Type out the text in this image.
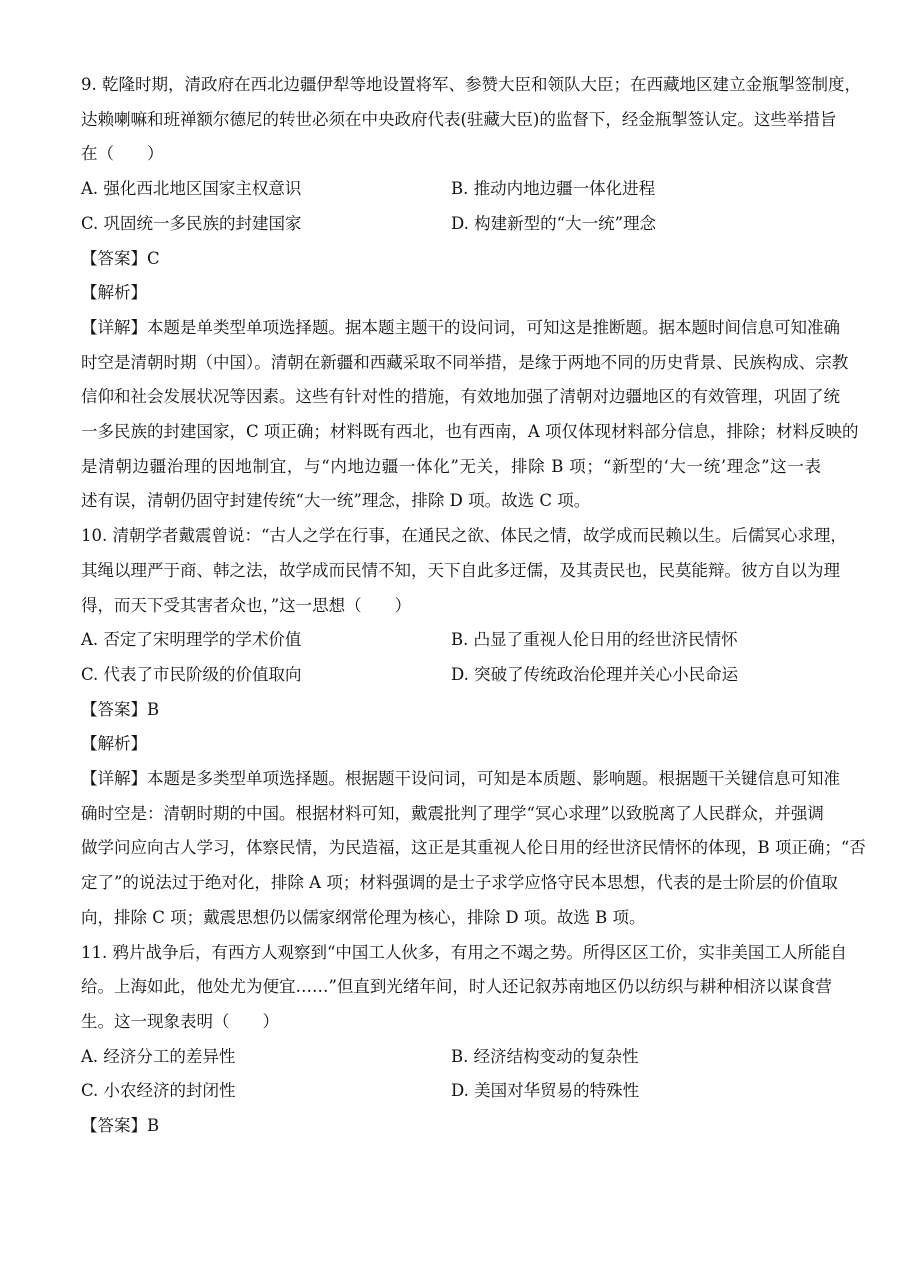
9. 乾隆时期，清政府在西北边疆伊犁等地设置将军、参赞大臣和领队大臣；在西藏地区建立金瓶掣签制度，
达赖喇嘛和班禅额尔德尼的转世必须在中央政府代表(驻藏大臣)的监督下，经金瓶掣签认定。这些举措旨
在（　　）
A. 强化西北地区国家主权意识	B. 推动内地边疆一体化进程
C. 巩固统一多民族的封建国家	D. 构建新型的“大一统”理念
【答案】C
【解析】
【详解】本题是单类型单项选择题。据本题主题干的设问词，可知这是推断题。据本题时间信息可知准确
时空是清朝时期（中国）。清朝在新疆和西藏采取不同举措，是缘于两地不同的历史背景、民族构成、宗教
信仰和社会发展状况等因素。这些有针对性的措施，有效地加强了清朝对边疆地区的有效管理，巩固了统
一多民族的封建国家，C 项正确；材料既有西北，也有西南，A 项仅体现材料部分信息，排除；材料反映的
是清朝边疆治理的因地制宜，与“内地边疆一体化”无关，排除 B 项；“新型的‘大一统’理念”这一表
述有误，清朝仍固守封建传统“大一统”理念，排除 D 项。故选 C 项。
10. 清朝学者戴震曾说：“古人之学在行事，在通民之欲、体民之情，故学成而民赖以生。后儒冥心求理，
其绳以理严于商、韩之法，故学成而民情不知，天下自此多迂儒，及其责民也，民莫能辩。彼方自以为理
得，而天下受其害者众也，”这一思想（　　）
A. 否定了宋明理学的学术价值	B. 凸显了重视人伦日用的经世济民情怀
C. 代表了市民阶级的价值取向	D. 突破了传统政治伦理并关心小民命运
【答案】B
【解析】
【详解】本题是多类型单项选择题。根据题干设问词，可知是本质题、影响题。根据题干关键信息可知准
确时空是：清朝时期的中国。根据材料可知，戴震批判了理学“冥心求理”以致脱离了人民群众，并强调
做学问应向古人学习，体察民情，为民造福，这正是其重视人伦日用的经世济民情怀的体现，B 项正确；“否
定了”的说法过于绝对化，排除 A 项；材料强调的是士子求学应恪守民本思想，代表的是士阶层的价值取
向，排除 C 项；戴震思想仍以儒家纲常伦理为核心，排除 D 项。故选 B 项。
11. 鸦片战争后，有西方人观察到“中国工人伙多，有用之不竭之势。所得区区工价，实非美国工人所能自
给。上海如此，他处尤为便宜……”但直到光绪年间，时人还记叙苏南地区仍以纺织与耕种相济以谋食营
生。这一现象表明（　　）
A. 经济分工的差异性	B. 经济结构变动的复杂性
C. 小农经济的封闭性	D. 美国对华贸易的特殊性
【答案】B
